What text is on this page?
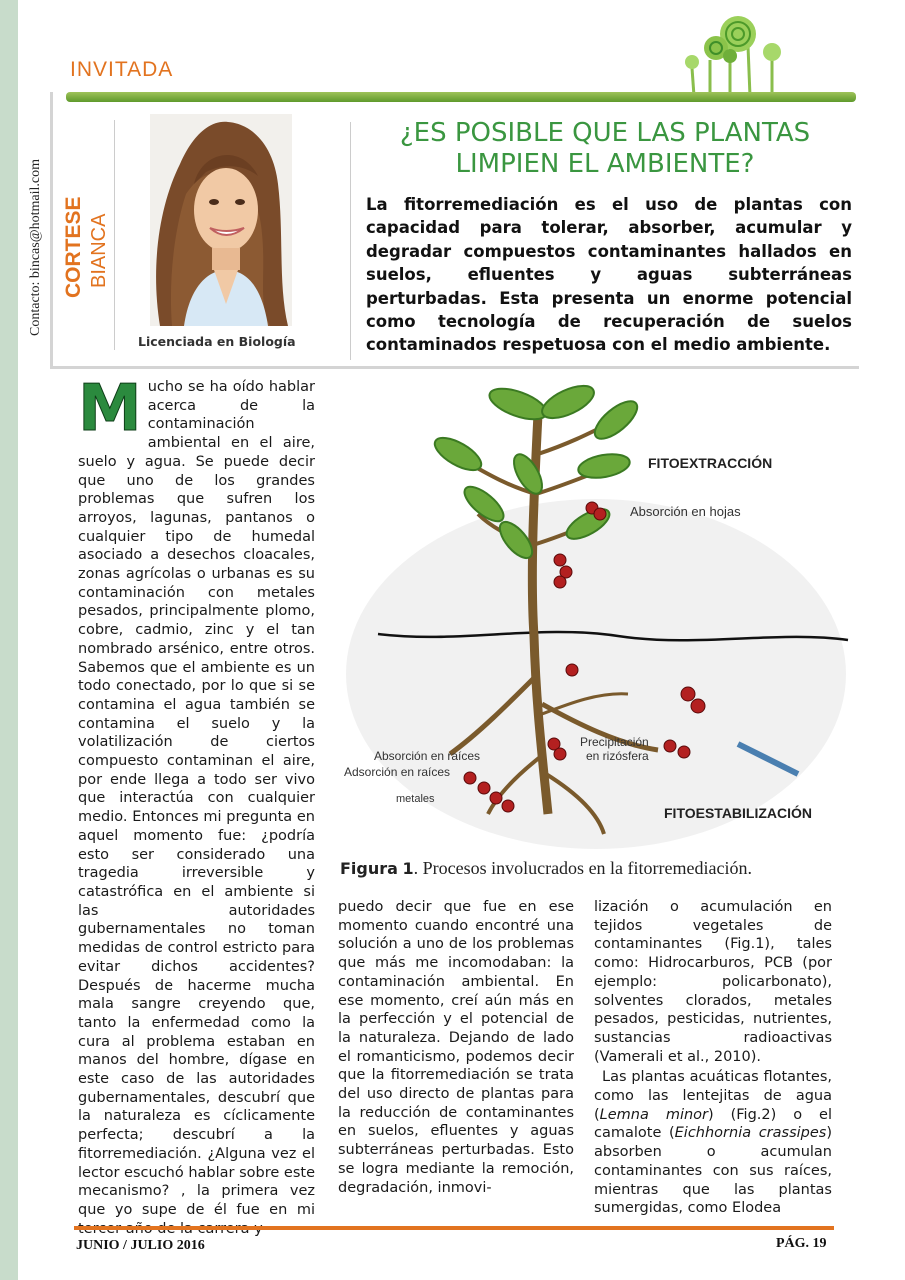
Contacto: bincas@hotmail.com
INVITADA
CORTESE BIANCA
Licenciada en Biología
¿ES POSIBLE QUE LAS PLANTAS
LIMPIEN EL AMBIENTE?
La fitorremediación es el uso de plantas con capacidad para tolerar, absorber, acumular y degradar compuestos contaminantes hallados en suelos, efluentes y aguas subterráneas perturbadas. Esta presenta un enorme potencial como tecnología de recuperación de suelos contaminados respetuosa con el medio ambiente.
M ucho se ha oído hablar acerca de la contaminación ambiental en el aire, suelo y agua. Se puede decir que uno de los grandes problemas que sufren los arroyos, lagunas, pantanos o cualquier tipo de humedal asociado a desechos cloacales, zonas agrícolas o urbanas es su contaminación con metales pesados, principalmente plomo, cobre, cadmio, zinc y el tan nombrado arsénico, entre otros. Sabemos que el ambiente es un todo conectado, por lo que si se contamina el agua también se contamina el suelo y la volatilización de ciertos compuesto contaminan el aire, por ende llega a todo ser vivo que interactúa con cualquier medio. Entonces mi pregunta en aquel momento fue: ¿podría esto ser considerado una tragedia irreversible y catastrófica en el ambiente si las autoridades gubernamentales no toman medidas de control estricto para evitar dichos accidentes? Después de hacerme mucha mala sangre creyendo que, tanto la enfermedad como la cura al problema estaban en manos del hombre, dígase en este caso de las autoridades gubernamentales, descubrí que la naturaleza es cíclicamente perfecta; descubrí a la fitorremediación. ¿Alguna vez el lector escuchó hablar sobre este mecanismo? , la primera vez que yo supe de él fue en mi

FITOEXTRACCIÓN
Absorción en hojas
Absorción en raíces
Adsorción en raíces
metales
Precipitación
en rizósfera
FITOESTABILIZACIÓN
Figura 1. Procesos involucrados en la fitorremediación.

puedo decir que fue en ese momento cuando encontré una solución a uno de los problemas que más me incomodaban: la contaminación ambiental. En ese momento, creí aún más en la perfección y el potencial de la naturaleza. Dejando de lado el romanticismo, podemos decir que la fitorremediación se trata del uso directo de plantas para la reducción de contaminantes en suelos, efluentes y aguas subterráneas perturbadas. Esto se logra mediante la remoción, degradación, inmovi-

lización o acumulación en tejidos vegetales de contaminantes (Fig.1), tales como: Hidrocarburos, PCB (por ejemplo: policarbonato), solventes clorados, metales pesados, pesticidas, nutrientes, sustancias radioactivas (Vamerali et al., 2010).

Las plantas acuáticas flotantes, como las lentejitas de agua (Lemna minor) (Fig.2) o el camalote (Eichhornia crassipes) absorben o acumulan contaminantes con sus raíces, mientras que las plantas sumergidas, como Elodea

JUNIO / JULIO 2016	PÁG. 19
